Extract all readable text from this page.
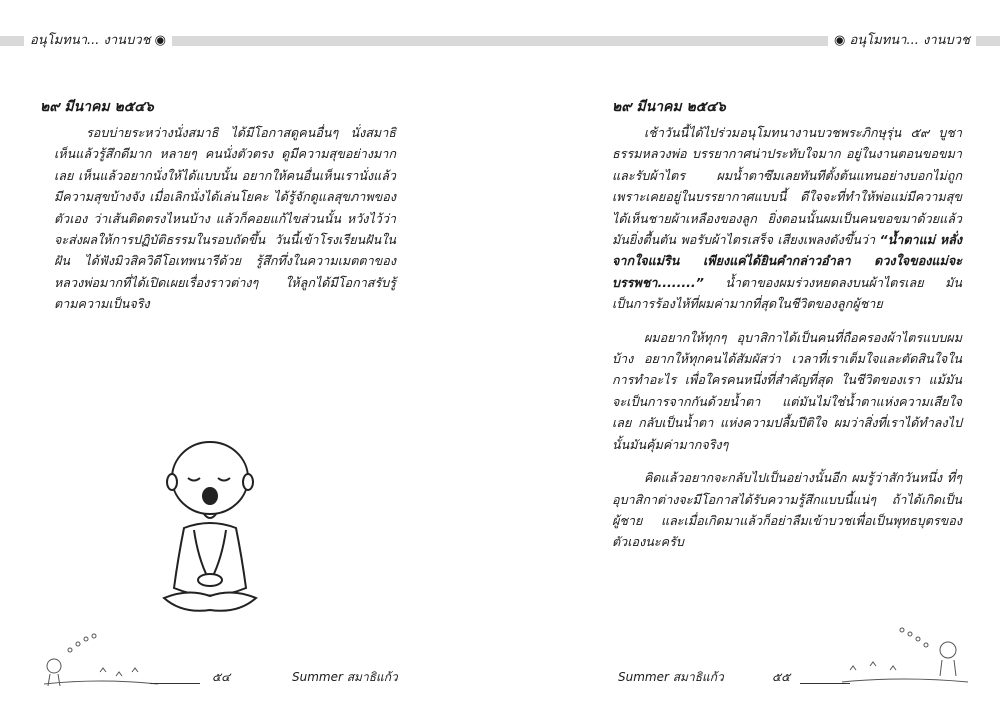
อนุโมทนา... งานบวช ◉	◉ อนุโมทนา... งานบวช
๒๙ มีนาคม ๒๕๔๖

รอบบ่ายระหว่างนั่งสมาธิ ได้มีโอกาสดูคนอื่นๆ นั่งสมาธิ เห็นแล้วรู้สึกดีมาก หลายๆ คนนั่งตัวตรง ดูมีความสุขอย่างมากเลย เห็นแล้วอยากนั่งให้ได้แบบนั้น อยากให้คนอื่นเห็นเรานั่งแล้วมีความสุขบ้างจัง เมื่อเลิกนั่งได้เล่นโยคะ ได้รู้จักดูแลสุขภาพของตัวเอง ว่าเส้นติดตรงไหนบ้าง แล้วก็คอยแก้ไขส่วนนั้น หวังไว้ว่าจะส่งผลให้การปฏิบัติธรรมในรอบถัดขึ้น วันนี้เข้าโรงเรียนฝันในฝัน ได้ฟังมิวสิควิดีโอเทพนารีด้วย รู้สึกทึ่งในความเมตตาของหลวงพ่อมากที่ได้เปิดเผยเรื่องราวต่างๆ ให้ลูกได้มีโอกาสรับรู้ตามความเป็นจริง

๕๔	Summer สมาธิแก้ว
๒๙ มีนาคม ๒๕๔๖

เช้าวันนี้ได้ไปร่วมอนุโมทนางานบวชพระภิกษุรุ่น ๕๙ บูชาธรรมหลวงพ่อ บรรยากาศน่าประทับใจมาก อยู่ในงานตอนขอขมา และรับผ้าไตร ผมน้ำตาซึมเลยทันทีตั้งต้นแทนอย่างบอกไม่ถูก เพราะเคยอยู่ในบรรยากาศแบบนี้ ดีใจจะที่ทำให้พ่อแม่มีความสุข ได้เห็นชายผ้าเหลืองของลูก ยิ่งตอนนั้นผมเป็นคนขอขมาด้วยแล้วมันยิ่งตื้นตัน พอรับผ้าไตรเสร็จ เสียงเพลงดังขึ้นว่า “น้ำตาแม่ หลั่งจากใจแม่ริน เพียงแค่ได้ยินคำกล่าวอำลา ดวงใจของแม่จะบรรพชา........” น้ำตาของผมร่วงหยดลงบนผ้าไตรเลย มันเป็นการร้องไห้ที่ผมค่ามากที่สุดในชีวิตของลูกผู้ชาย

ผมอยากให้ทุกๆ อุบาสิกาได้เป็นคนที่ถือครองผ้าไตรแบบผมบ้าง อยากให้ทุกคนได้สัมผัสว่า เวลาที่เราเต็มใจและตัดสินใจในการทำอะไร เพื่อใครคนหนึ่งที่สำคัญที่สุด ในชีวิตของเรา แม้มันจะเป็นการจากกันด้วยน้ำตา แต่มันไม่ใช่น้ำตาแห่งความเสียใจเลย กลับเป็นน้ำตา แห่งความปลื้มปีติใจ ผมว่าสิ่งที่เราได้ทำลงไปนั้นมันคุ้มค่ามากจริงๆ

คิดแล้วอยากจะกลับไปเป็นอย่างนั้นอีก ผมรู้ว่าสักวันหนึ่ง ที่ๆ อุบาสิกาต่างจะมีโอกาสได้รับความรู้สึกแบบนี้แน่ๆ ถ้าได้เกิดเป็นผู้ชาย และเมื่อเกิดมาแล้วก็อย่าลืมเข้าบวชเพื่อเป็นพุทธบุตรของตัวเองนะครับ

Summer สมาธิแก้ว	๕๕
